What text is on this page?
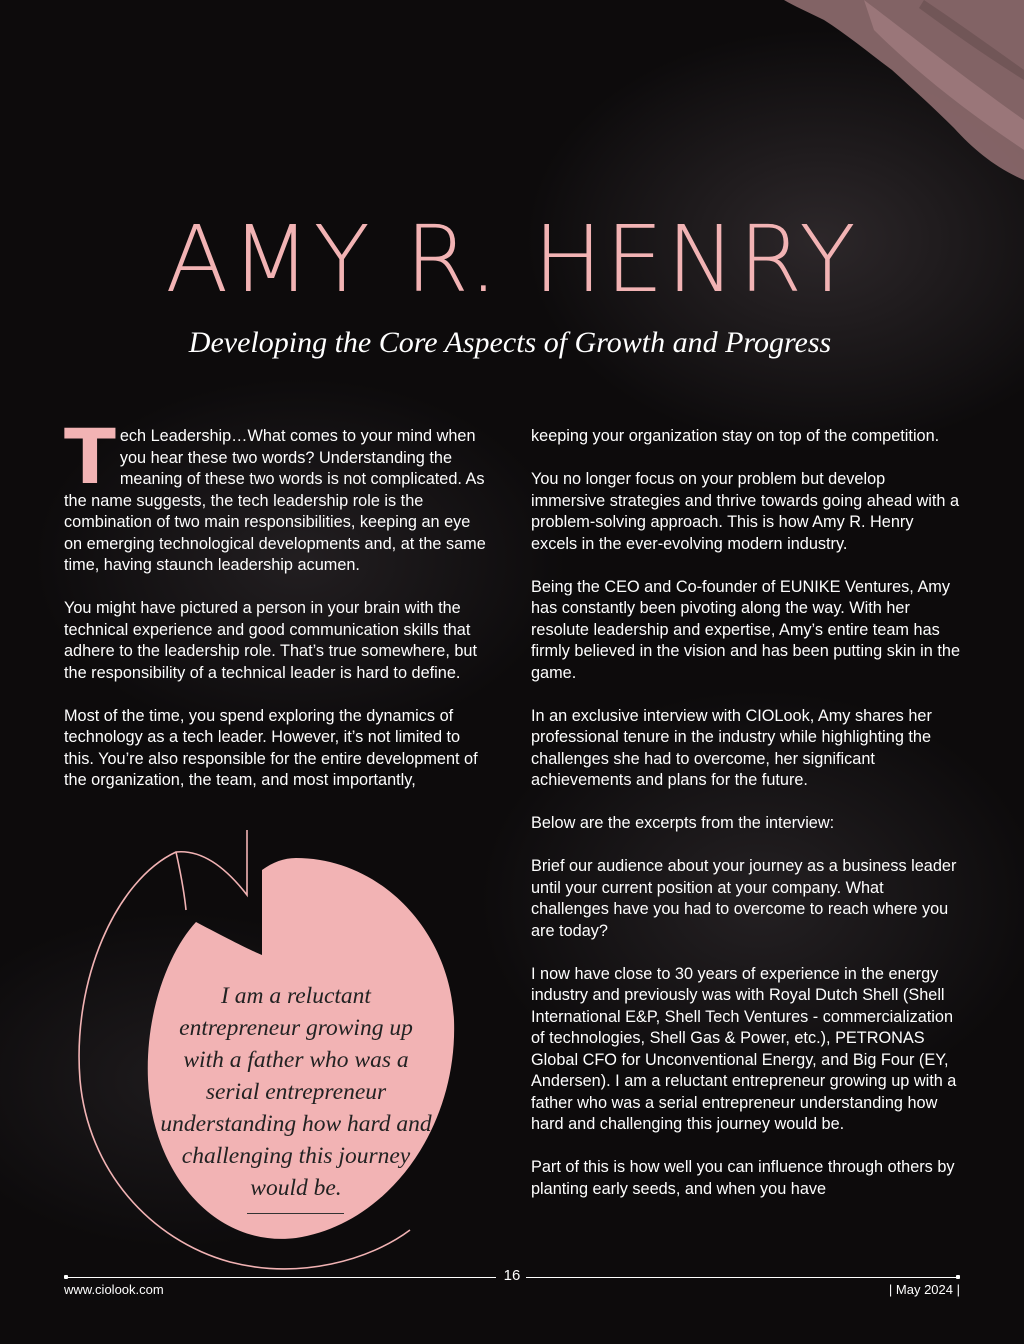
AMY R. HENRY
Developing the Core Aspects of Growth and Progress

Tech Leadership…What comes to your mind when you hear these two words? Understanding the meaning of these two words is not complicated. As the name suggests, the tech leadership role is the combination of two main responsibilities, keeping an eye on emerging technological developments and, at the same time, having staunch leadership acumen.

You might have pictured a person in your brain with the technical experience and good communication skills that adhere to the leadership role. That’s true somewhere, but the responsibility of a technical leader is hard to define.

Most of the time, you spend exploring the dynamics of technology as a tech leader. However, it’s not limited to this. You’re also responsible for the entire development of the organization, the team, and most importantly,

keeping your organization stay on top of the competition.

You no longer focus on your problem but develop immersive strategies and thrive towards going ahead with a problem-solving approach. This is how Amy R. Henry excels in the ever-evolving modern industry.

Being the CEO and Co-founder of EUNIKE Ventures, Amy has constantly been pivoting along the way. With her resolute leadership and expertise, Amy’s entire team has firmly believed in the vision and has been putting skin in the game.

In an exclusive interview with CIOLook, Amy shares her professional tenure in the industry while highlighting the challenges she had to overcome, her significant achievements and plans for the future.

Below are the excerpts from the interview:

Brief our audience about your journey as a business leader until your current position at your company. What challenges have you had to overcome to reach where you are today?

I now have close to 30 years of experience in the energy industry and previously was with Royal Dutch Shell (Shell International E&P, Shell Tech Ventures - commercialization of technologies, Shell Gas & Power, etc.), PETRONAS Global CFO for Unconventional Energy, and Big Four (EY, Andersen). I am a reluctant entrepreneur growing up with a father who was a serial entrepreneur understanding how hard and challenging this journey would be.

Part of this is how well you can influence through others by planting early seeds, and when you have

I am a reluctant entrepreneur growing up with a father who was a serial entrepreneur understanding how hard and challenging this journey would be.
16
www.ciolook.com	| May 2024 |
